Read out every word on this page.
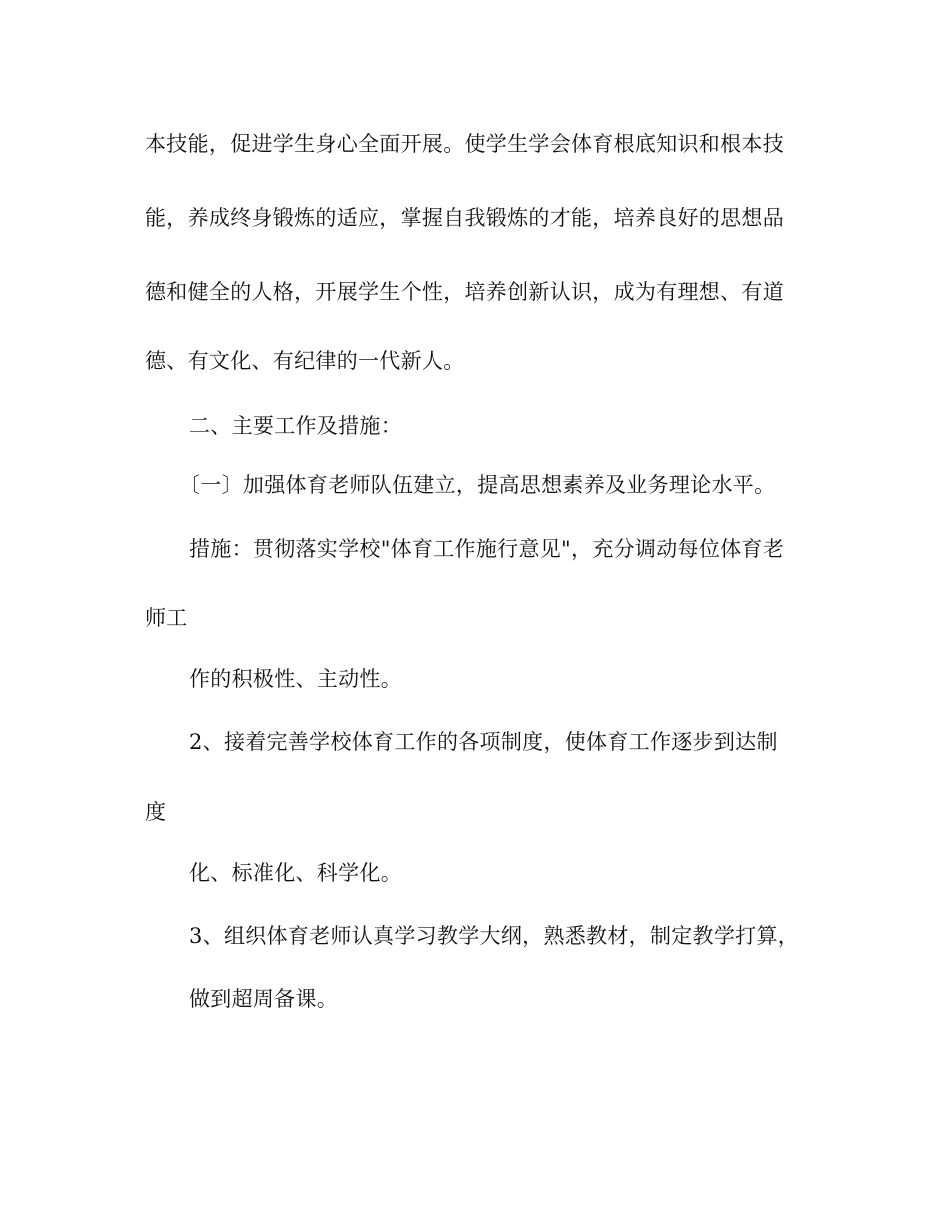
本技能，促进学生身心全面开展。使学生学会体育根底知识和根本技
能，养成终身锻炼的适应，掌握自我锻炼的才能，培养良好的思想品
德和健全的人格，开展学生个性，培养创新认识，成为有理想、有道
德、有文化、有纪律的一代新人。
二、主要工作及措施：
〔一〕加强体育老师队伍建立，提高思想素养及业务理论水平。
措施：贯彻落实学校"体育工作施行意见"，充分调动每位体育老
师工
作的积极性、主动性。
2、接着完善学校体育工作的各项制度，使体育工作逐步到达制
度
化、标准化、科学化。
3、组织体育老师认真学习教学大纲，熟悉教材，制定教学打算，
做到超周备课。
